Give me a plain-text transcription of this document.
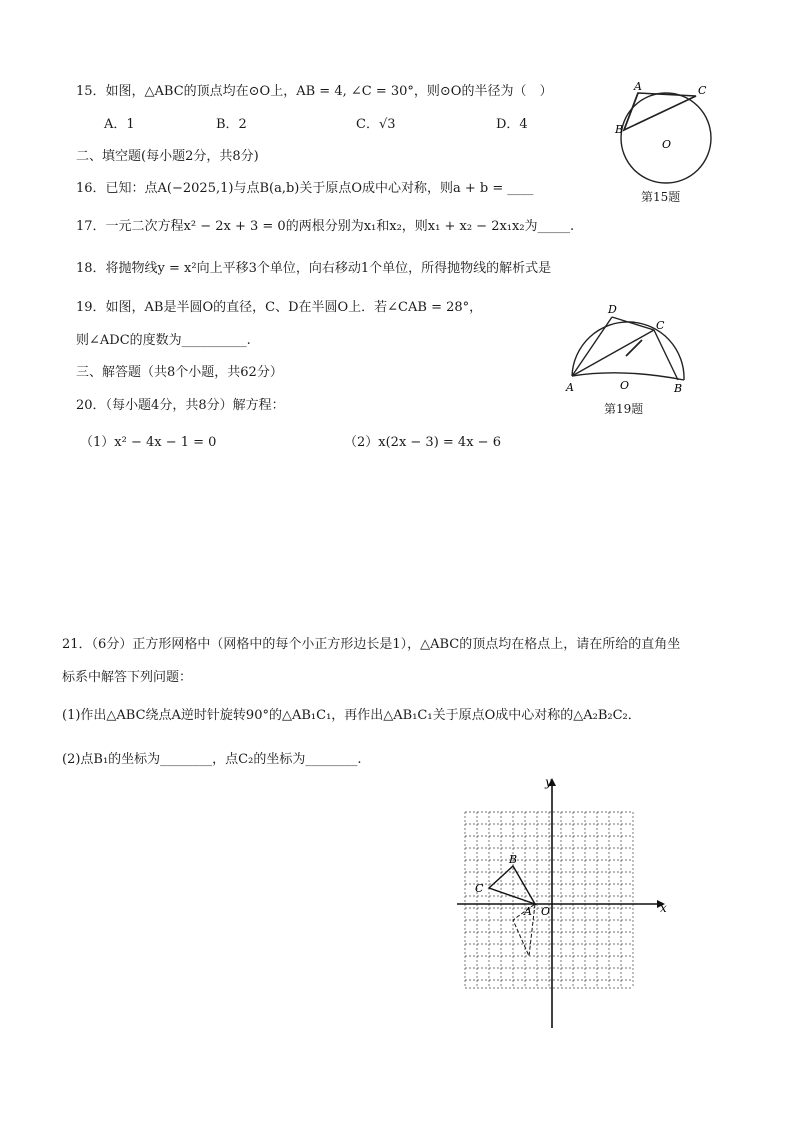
15．如图，△ABC的顶点均在⊙O上，AB = 4, ∠C = 30°，则⊙O的半径为（　）
A．1	B．2	C．√3	D．4
A	C
B
O
第15题
二、填空题(每小题2分，共8分)
16．已知：点A(−2025,1)与点B(a,b)关于原点O成中心对称，则a + b = ____
17．一元二次方程x² − 2x + 3 = 0的两根分别为x₁和x₂，则x₁ + x₂ − 2x₁x₂为_____.
18．将抛物线y = x²向上平移3个单位，向右移动1个单位，所得抛物线的解析式是
19．如图，AB是半圆O的直径，C、D在半圆O上．若∠CAB = 28°，
则∠ADC的度数为__________.
D
C
A	O	B
第19题
三、解答题（共8个小题，共62分）
20．（每小题4分，共8分）解方程：
（1）x² − 4x − 1 = 0	（2）x(2x − 3) = 4x − 6
21．（6分）正方形网格中（网格中的每个小正方形边长是1），△ABC的顶点均在格点上，请在所给的直角坐
标系中解答下列问题：
(1)作出△ABC绕点A逆时针旋转90°的△AB₁C₁，再作出△AB₁C₁关于原点O成中心对称的△A₂B₂C₂．
(2)点B₁的坐标为________，点C₂的坐标为________.
x
y
O
A
B
C
